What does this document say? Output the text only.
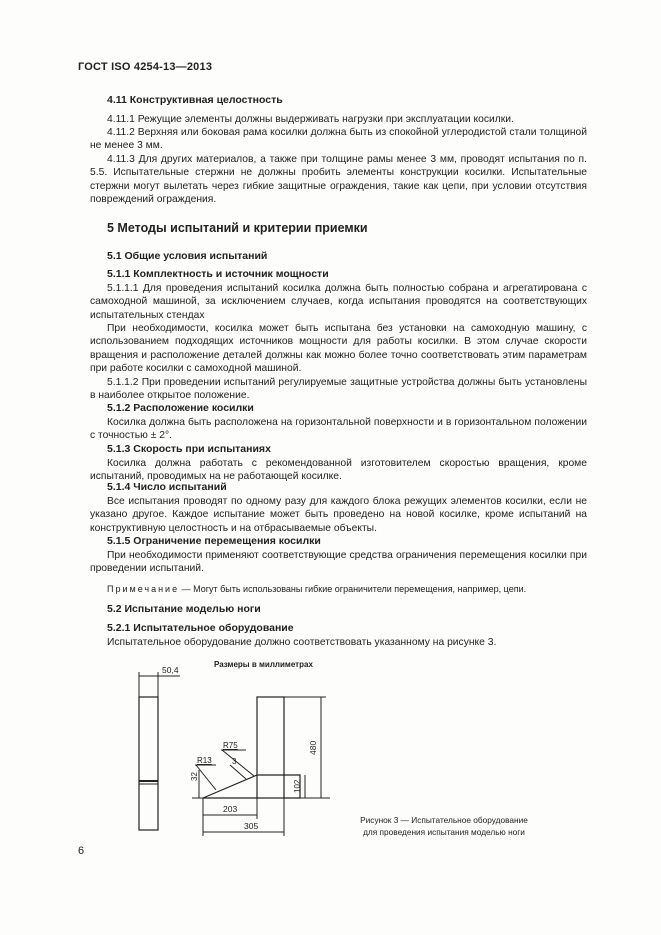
ГОСТ ISO 4254-13—2013

4.11 Конструктивная целостность

4.11.1 Режущие элементы должны выдерживать нагрузки при эксплуатации косилки.

4.11.2 Верхняя или боковая рама косилки должна быть из спокойной углеродистой стали толщиной не менее 3 мм.

4.11.3 Для других материалов, а также при толщине рамы менее 3 мм, проводят испытания по п. 5.5. Испытательные стержни не должны пробить элементы конструкции косилки. Испытательные стержни могут вылетать через гибкие защитные ограждения, такие как цепи, при условии отсутствия повреждений ограждения.

5 Методы испытаний и критерии приемки

5.1 Общие условия испытаний

5.1.1 Комплектность и источник мощности

5.1.1.1 Для проведения испытаний косилка должна быть полностью собрана и агрегатирована с самоходной машиной, за исключением случаев, когда испытания проводятся на соответствующих испытательных стендах

При необходимости, косилка может быть испытана без установки на самоходную машину, с использованием подходящих источников мощности для работы косилки. В этом случае скорости вращения и расположение деталей должны как можно более точно соответствовать этим параметрам при работе косилки с самоходной машиной.

5.1.1.2 При проведении испытаний регулируемые защитные устройства должны быть установлены в наиболее открытое положение.

5.1.2 Расположение косилки

Косилка должна быть расположена на горизонтальной поверхности и в горизонтальном положении с точностью ± 2°.

5.1.3 Скорость при испытаниях

Косилка должна работать с рекомендованной изготовителем скоростью вращения, кроме испытаний, проводимых на не работающей косилке.

5.1.4 Число испытаний

Все испытания проводят по одному разу для каждого блока режущих элементов косилки, если не указано другое. Каждое испытание может быть проведено на новой косилке, кроме испытаний на конструктивную целостность и на отбрасываемые объекты.

5.1.5 Ограничение перемещения косилки

При необходимости применяют соответствующие средства ограничения перемещения косилки при проведении испытаний.

Примечание — Могут быть использованы гибкие ограничители перемещения, например, цепи.

5.2 Испытание моделью ноги

5.2.1 Испытательное оборудование

Испытательное оборудование должно соответствовать указанному на рисунке 3.

Размеры в миллиметрах
50,4
480
102
R75
R13	3
32
203
305
Рисунок 3 — Испытательное оборудование
для проведения испытания моделью ноги
6
